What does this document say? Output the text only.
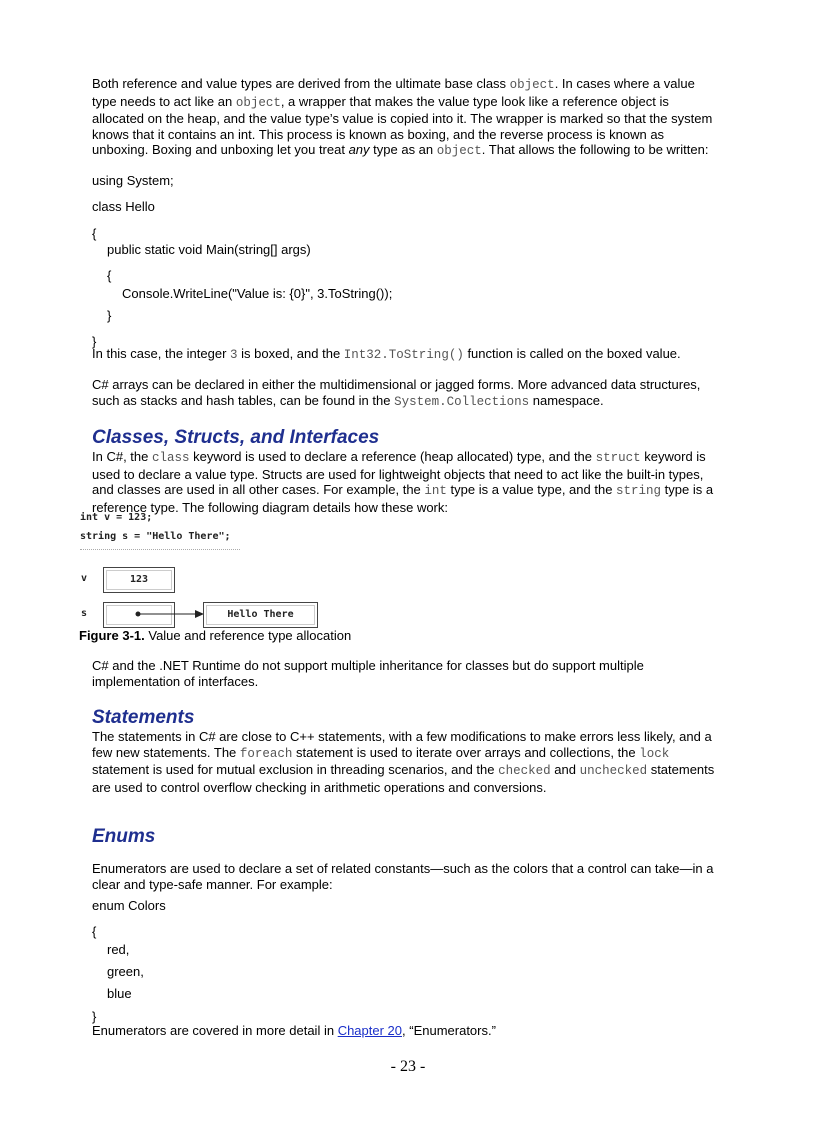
Both reference and value types are derived from the ultimate base class object. In cases where a value type needs to act like an object, a wrapper that makes the value type look like a reference object is allocated on the heap, and the value type’s value is copied into it. The wrapper is marked so that the system knows that it contains an int. This process is known as boxing, and the reverse process is known as unboxing. Boxing and unboxing let you treat any type as an object. That allows the following to be written:
using System;
class Hello
{
public static void Main(string[] args)
{
Console.WriteLine("Value is: {0}", 3.ToString());
}
}
In this case, the integer 3 is boxed, and the Int32.ToString() function is called on the boxed value.
C# arrays can be declared in either the multidimensional or jagged forms. More advanced data structures, such as stacks and hash tables, can be found in the System.Collections namespace.
Classes, Structs, and Interfaces
In C#, the class keyword is used to declare a reference (heap allocated) type, and the struct keyword is used to declare a value type. Structs are used for lightweight objects that need to act like the built-in types, and classes are used in all other cases. For example, the int type is a value type, and the string type is a reference type. The following diagram details how these work:
int v = 123;
string s = "Hello There";
v	123
s	Hello There
Figure 3-1. Value and reference type allocation
C# and the .NET Runtime do not support multiple inheritance for classes but do support multiple implementation of interfaces.
Statements
The statements in C# are close to C++ statements, with a few modifications to make errors less likely, and a few new statements. The foreach statement is used to iterate over arrays and collections, the lock statement is used for mutual exclusion in threading scenarios, and the checked and unchecked statements are used to control overflow checking in arithmetic operations and conversions.
Enums
Enumerators are used to declare a set of related constants—such as the colors that a control can take—in a clear and type-safe manner. For example:
enum Colors
{
red,
green,
blue
}
Enumerators are covered in more detail in Chapter 20, “Enumerators.”
- 23 -
